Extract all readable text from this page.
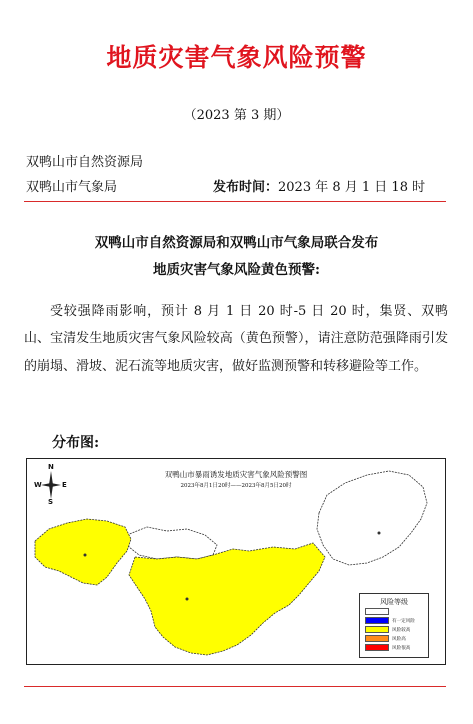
地质灾害气象风险预警
（2023 第 3 期）
双鸭山市自然资源局
双鸭山市气象局	发布时间：2023 年 8 月 1 日 18 时
双鸭山市自然资源局和双鸭山市气象局联合发布
地质灾害气象风险黄色预警:
受较强降雨影响，预计 8 月 1 日 20 时-5 日 20 时，集贤、双鸭山、宝清发生地质灾害气象风险较高（黄色预警），请注意防范强降雨引发的崩塌、滑坡、泥石流等地质灾害，做好监测预警和转移避险等工作。
分布图:
N
S
W	E
双鸭山市暴雨诱发地质灾害气象风险预警图
2023年8月1日20时——2023年8月5日20时
风险等级
有一定风险
风险较高
风险高
风险很高
